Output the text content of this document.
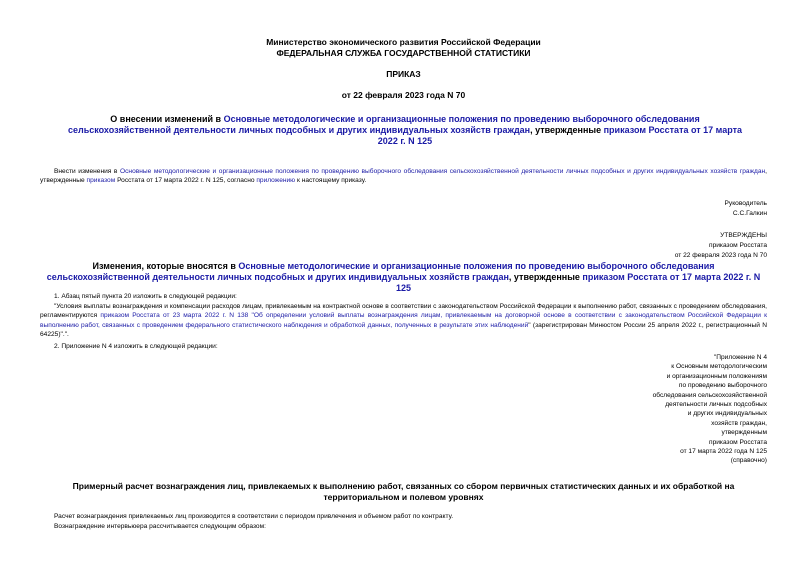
Министерство экономического развития Российской Федерации
ФЕДЕРАЛЬНАЯ СЛУЖБА ГОСУДАРСТВЕННОЙ СТАТИСТИКИ
ПРИКАЗ
от 22 февраля 2023 года N 70
О внесении изменений в Основные методологические и организационные положения по проведению выборочного обследования сельскохозяйственной деятельности личных подсобных и других индивидуальных хозяйств граждан, утвержденные приказом Росстата от 17 марта 2022 г. N 125
Внести изменения в Основные методологические и организационные положения по проведению выборочного обследования сельскохозяйственной деятельности личных подсобных и других индивидуальных хозяйств граждан, утвержденные приказом Росстата от 17 марта 2022 г. N 125, согласно приложению к настоящему приказу.
Руководитель
С.С.Галкин
УТВЕРЖДЕНЫ
приказом Росстата
от 22 февраля 2023 года N 70
Изменения, которые вносятся в Основные методологические и организационные положения по проведению выборочного обследования сельскохозяйственной деятельности личных подсобных и других индивидуальных хозяйств граждан, утвержденные приказом Росстата от 17 марта 2022 г. N 125
1. Абзац пятый пункта 20 изложить в следующей редакции:
"Условия выплаты вознаграждения и компенсации расходов лицам, привлекаемым на контрактной основе в соответствии с законодательством Российской Федерации к выполнению работ, связанных с проведением обследования, регламентируются приказом Росстата от 23 марта 2022 г. N 138 "Об определении условий выплаты вознаграждения лицам, привлекаемым на договорной основе в соответствии с законодательством Российской Федерации к выполнению работ, связанных с проведением федерального статистического наблюдения и обработкой данных, полученных в результате этих наблюдений" (зарегистрирован Минюстом России 25 апреля 2022 г., регистрационный N 64225)".".
2. Приложение N 4 изложить в следующей редакции:
"Приложение N 4
к Основным методологическим
и организационным положениям
по проведению выборочного
обследования сельскохозяйственной
деятельности личных подсобных
и других индивидуальных
хозяйств граждан,
утвержденным
приказом Росстата
от 17 марта 2022 года N 125
(справочно)
Примерный расчет вознаграждения лиц, привлекаемых к выполнению работ, связанных со сбором первичных статистических данных и их обработкой на
территориальном и полевом уровнях
Расчет вознаграждения привлекаемых лиц производится в соответствии с периодом привлечения и объемом работ по контракту.
Вознаграждение интервьюера рассчитывается следующим образом:
